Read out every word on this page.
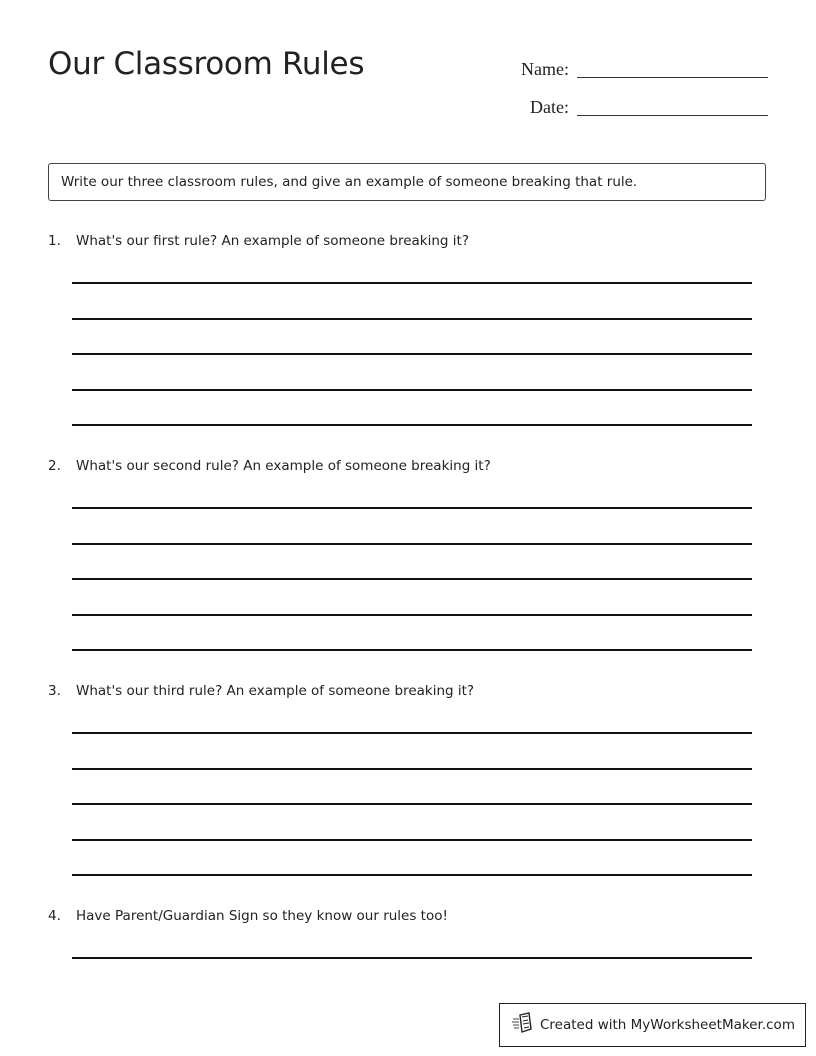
Our Classroom Rules	Name:
Date:
Write our three classroom rules, and give an example of someone breaking that rule.
1. What's our first rule? An example of someone breaking it?
2. What's our second rule? An example of someone breaking it?
3. What's our third rule? An example of someone breaking it?
4. Have Parent/Guardian Sign so they know our rules too!
Created with MyWorksheetMaker.com
